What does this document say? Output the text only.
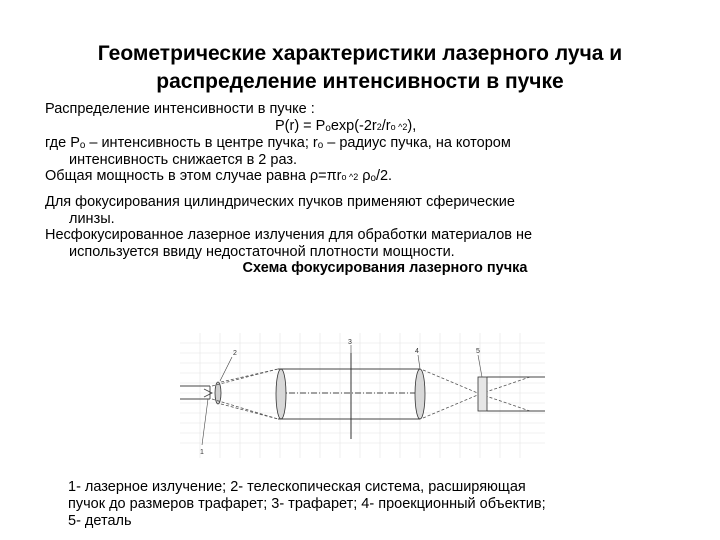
Геометрические характеристики лазерного луча и
распределение интенсивности в пучке

Распределение интенсивности в пучке :

P(r) = Pₒexp(-2r2/ro ^2),

где Pₒ – интенсивность в центре пучка; rₒ – радиус пучка, на котором

интенсивность снижается в 2 раз.

Общая мощность в этом случае равна ρ=πro ^2 ρₒ/2.

Для фокусирования цилиндрических пучков применяют сферические

линзы.

Несфокусированное лазерное излучения для обработки материалов не

используется ввиду недостаточной плотности мощности.

Схема фокусирования лазерного пучка

1
2
3
4	5

1- лазерное излучение; 2- телескопическая система, расширяющая

пучок до размеров трафарет; 3- трафарет; 4- проекционный объектив;

5- деталь
